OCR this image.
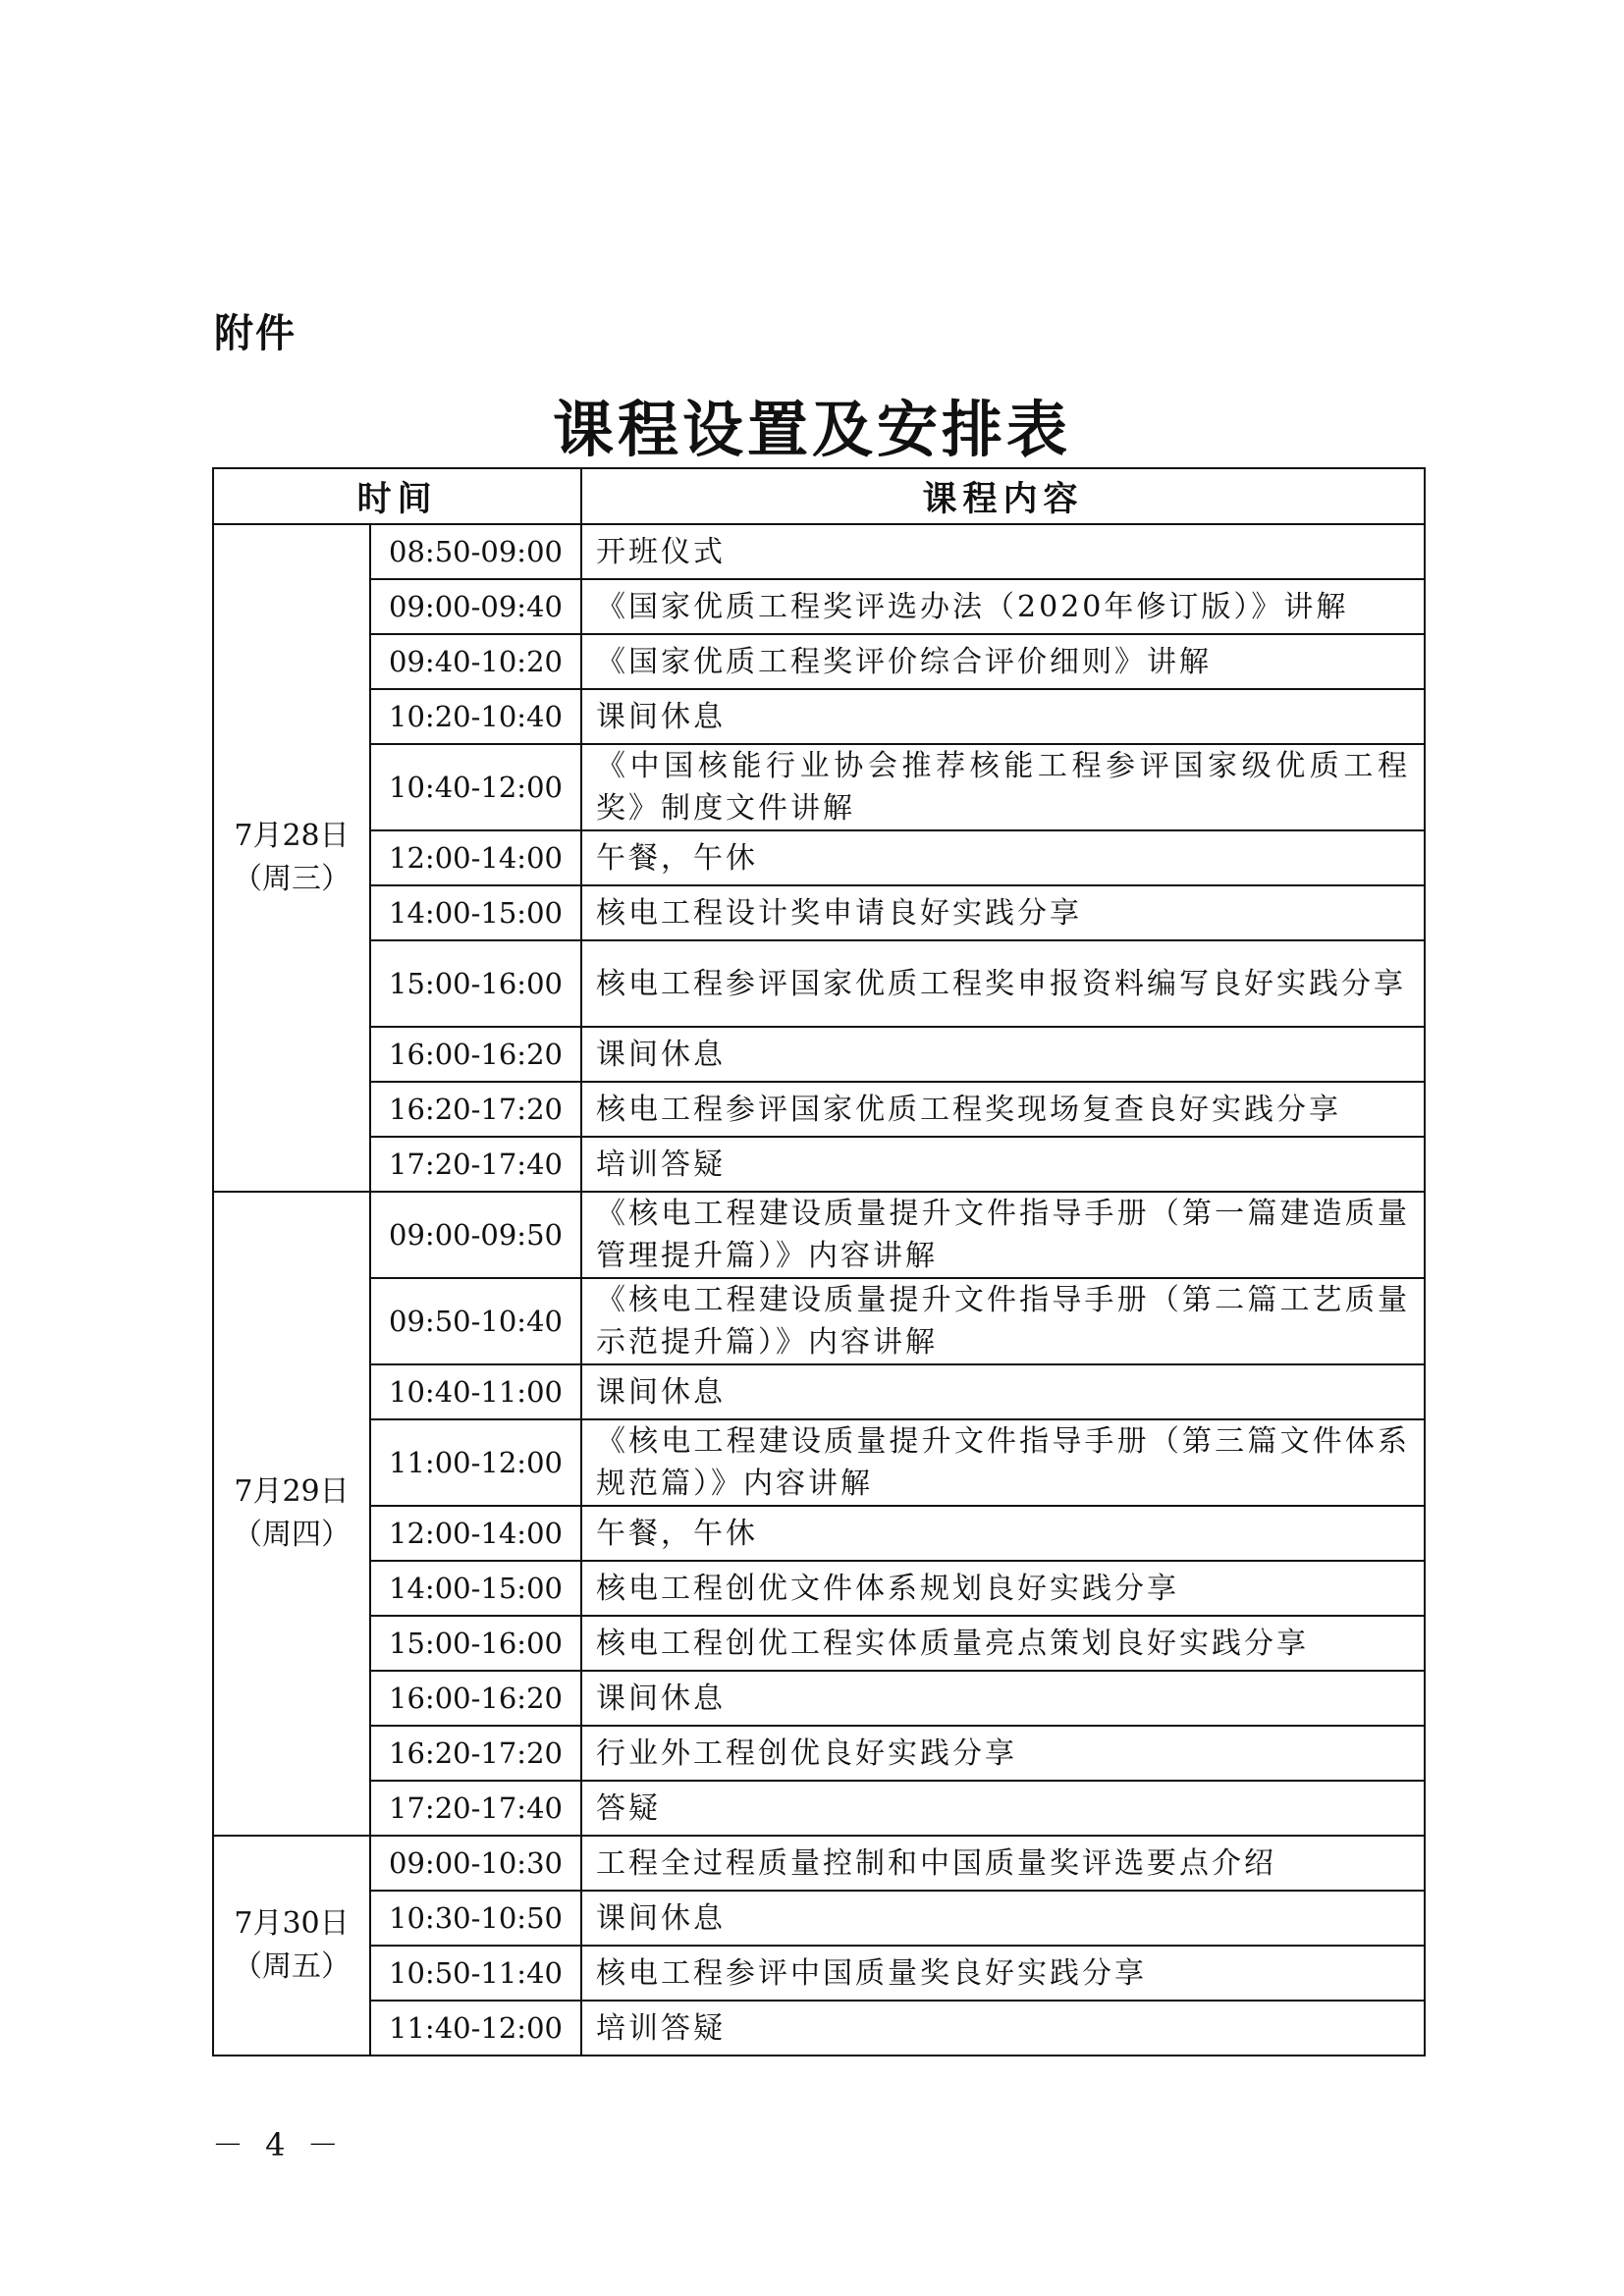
附件
课程设置及安排表
时间		课程内容

7月28日
（周三）	08:50-09:00	开班仪式
	09:00-09:40	《国家优质工程奖评选办法（2020年修订版）》讲解
	09:40-10:20	《国家优质工程奖评价综合评价细则》讲解
	10:20-10:40	课间休息
	10:40-12:00	《中国核能行业协会推荐核能工程参评国家级优质工程奖》制度文件讲解
	12:00-14:00	午餐，午休
	14:00-15:00	核电工程设计奖申请良好实践分享
	15:00-16:00	核电工程参评国家优质工程奖申报资料编写良好实践分享
	16:00-16:20	课间休息
	16:20-17:20	核电工程参评国家优质工程奖现场复查良好实践分享
	17:20-17:40	培训答疑

7月29日
（周四）	09:00-09:50	《核电工程建设质量提升文件指导手册（第一篇建造质量管理提升篇）》内容讲解
	09:50-10:40	《核电工程建设质量提升文件指导手册（第二篇工艺质量示范提升篇）》内容讲解
	10:40-11:00	课间休息
	11:00-12:00	《核电工程建设质量提升文件指导手册（第三篇文件体系规范篇）》内容讲解
	12:00-14:00	午餐，午休
	14:00-15:00	核电工程创优文件体系规划良好实践分享
	15:00-16:00	核电工程创优工程实体质量亮点策划良好实践分享
	16:00-16:20	课间休息
	16:20-17:20	行业外工程创优良好实践分享
	17:20-17:40	答疑

7月30日
（周五）	09:00-10:30	工程全过程质量控制和中国质量奖评选要点介绍
	10:30-10:50	课间休息
	10:50-11:40	核电工程参评中国质量奖良好实践分享
	11:40-12:00	培训答疑
－ 4 －
